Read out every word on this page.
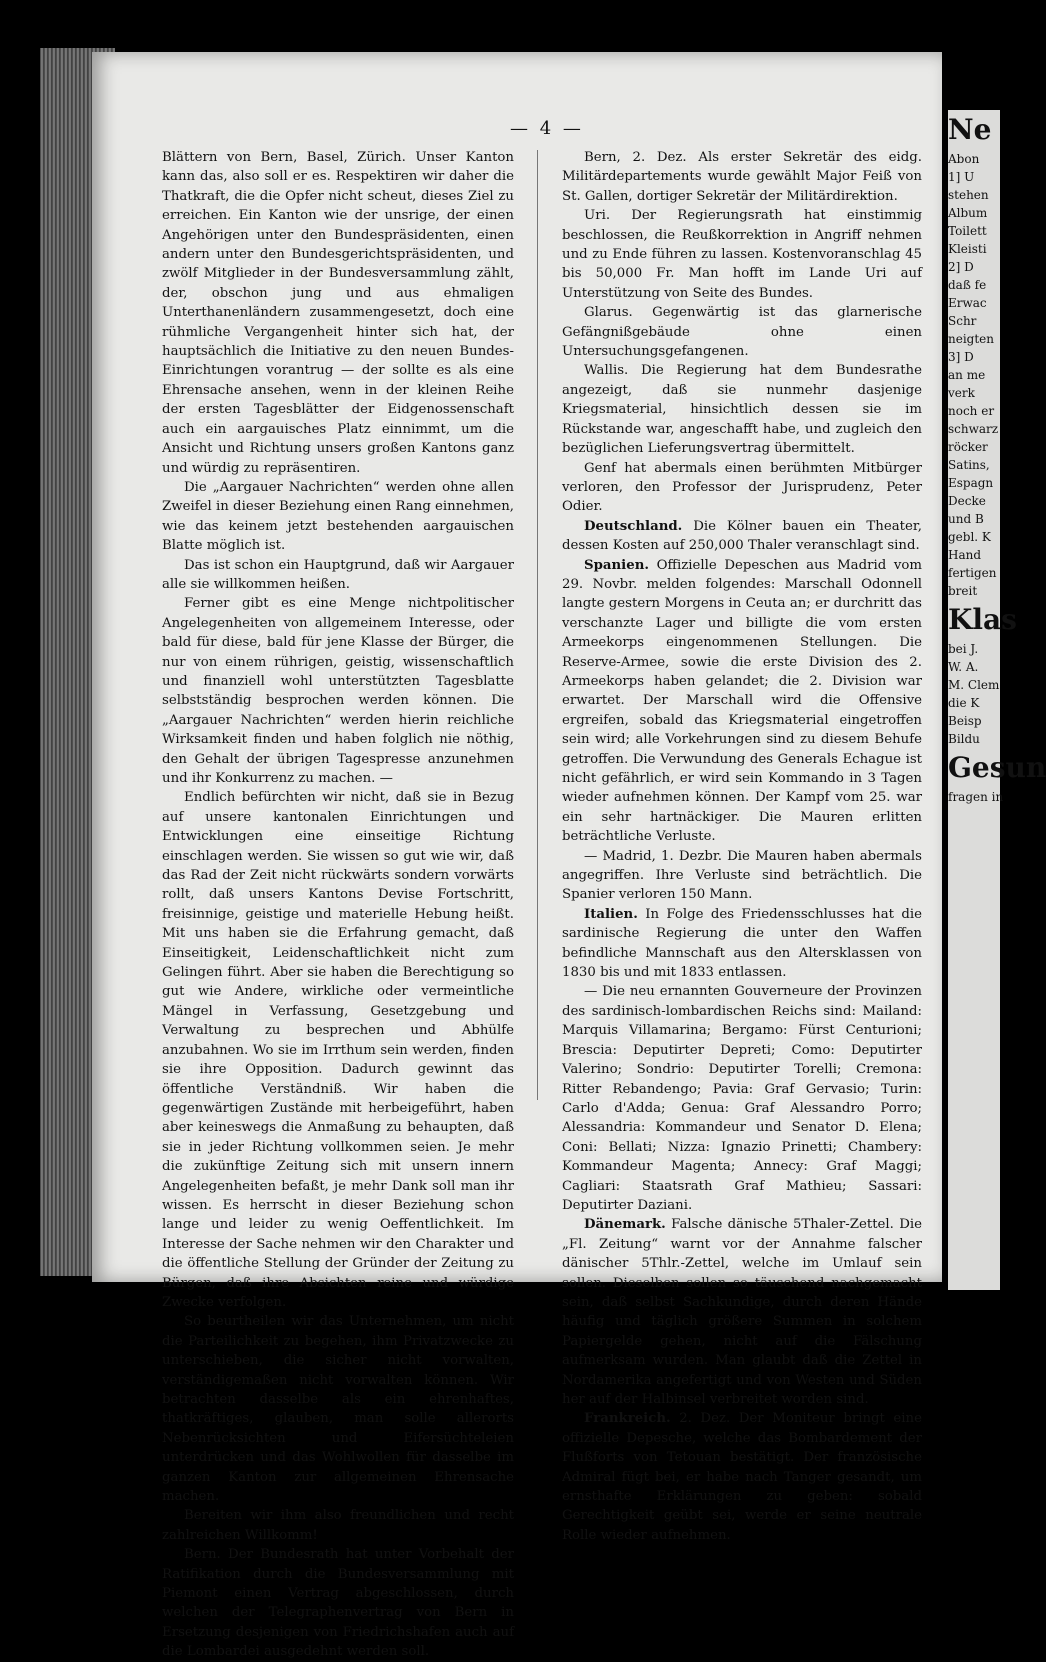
— 4 —

Blättern von Bern, Basel, Zürich. Unser Kanton kann das, also soll er es. Respektiren wir daher die Thatkraft, die die Opfer nicht scheut, dieses Ziel zu erreichen. Ein Kanton wie der unsrige, der einen Angehörigen unter den Bundespräsidenten, einen andern unter den Bundesgerichtspräsidenten, und zwölf Mitglieder in der Bundesversammlung zählt, der, obschon jung und aus ehmaligen Unterthanenländern zusammengesetzt, doch eine rühmliche Vergangenheit hinter sich hat, der hauptsächlich die Initiative zu den neuen Bundes-Einrichtungen vorantrug — der sollte es als eine Ehrensache ansehen, wenn in der kleinen Reihe der ersten Tagesblätter der Eidgenossenschaft auch ein aargauisches Platz einnimmt, um die Ansicht und Richtung unsers großen Kantons ganz und würdig zu repräsentiren.

Die „Aargauer Nachrichten“ werden ohne allen Zweifel in dieser Beziehung einen Rang einnehmen, wie das keinem jetzt bestehenden aargauischen Blatte möglich ist.

Das ist schon ein Hauptgrund, daß wir Aargauer alle sie willkommen heißen.

Ferner gibt es eine Menge nichtpolitischer Angelegenheiten von allgemeinem Interesse, oder bald für diese, bald für jene Klasse der Bürger, die nur von einem rührigen, geistig, wissenschaftlich und finanziell wohl unterstützten Tagesblatte selbstständig besprochen werden können. Die „Aargauer Nachrichten“ werden hierin reichliche Wirksamkeit finden und haben folglich nie nöthig, den Gehalt der übrigen Tagespresse anzunehmen und ihr Konkurrenz zu machen. —

Endlich befürchten wir nicht, daß sie in Bezug auf unsere kantonalen Einrichtungen und Entwicklungen eine einseitige Richtung einschlagen werden. Sie wissen so gut wie wir, daß das Rad der Zeit nicht rückwärts sondern vorwärts rollt, daß unsers Kantons Devise Fortschritt, freisinnige, geistige und materielle Hebung heißt. Mit uns haben sie die Erfahrung gemacht, daß Einseitigkeit, Leidenschaftlichkeit nicht zum Gelingen führt. Aber sie haben die Berechtigung so gut wie Andere, wirkliche oder vermeintliche Mängel in Verfassung, Gesetzgebung und Verwaltung zu besprechen und Abhülfe anzubahnen. Wo sie im Irrthum sein werden, finden sie ihre Opposition. Dadurch gewinnt das öffentliche Verständniß. Wir haben die gegenwärtigen Zustände mit herbeigeführt, haben aber keineswegs die Anmaßung zu behaupten, daß sie in jeder Richtung vollkommen seien. Je mehr die zukünftige Zeitung sich mit unsern innern Angelegenheiten befaßt, je mehr Dank soll man ihr wissen. Es herrscht in dieser Beziehung schon lange und leider zu wenig Oeffentlichkeit. Im Interesse der Sache nehmen wir den Charakter und die öffentliche Stellung der Gründer der Zeitung zu Bürgen, daß ihre Absichten reine und würdige Zwecke verfolgen.

So beurtheilen wir das Unternehmen, um nicht die Parteilichkeit zu begehen, ihm Privatzwecke zu unterschieben, die sicher nicht vorwalten, verständigemaßen nicht vorwalten können. Wir betrachten dasselbe als ein ehrenhaftes, thatkräftiges, glauben, man solle allerorts Nebenrücksichten und Eifersüchteleien unterdrücken und das Wohlwollen für dasselbe im ganzen Kanton zur allgemeinen Ehrensache machen.

Bereiten wir ihm also freundlichen und recht zahlreichen Willkomm!

Bern. Der Bundesrath hat unter Vorbehalt der Ratifikation durch die Bundesversammlung mit Piemont einen Vertrag abgeschlossen, durch welchen der Telegraphenvertrag von Bern in Ersetzung desjenigen von Friedrichshafen auch auf die Lombardei ausgedehnt werden soll.

Bern, 2. Dez. Als erster Sekretär des eidg. Militärdepartements wurde gewählt Major Feiß von St. Gallen, dortiger Sekretär der Militärdirektion.

Uri. Der Regierungsrath hat einstimmig beschlossen, die Reußkorrektion in Angriff nehmen und zu Ende führen zu lassen. Kostenvoranschlag 45 bis 50,000 Fr. Man hofft im Lande Uri auf Unterstützung von Seite des Bundes.

Glarus. Gegenwärtig ist das glarnerische Gefängnißgebäude ohne einen Untersuchungsgefangenen.

Wallis. Die Regierung hat dem Bundesrathe angezeigt, daß sie nunmehr dasjenige Kriegsmaterial, hinsichtlich dessen sie im Rückstande war, angeschafft habe, und zugleich den bezüglichen Lieferungsvertrag übermittelt.

Genf hat abermals einen berühmten Mitbürger verloren, den Professor der Jurisprudenz, Peter Odier.

Deutschland. Die Kölner bauen ein Theater, dessen Kosten auf 250,000 Thaler veranschlagt sind.

Spanien. Offizielle Depeschen aus Madrid vom 29. Novbr. melden folgendes: Marschall Odonnell langte gestern Morgens in Ceuta an; er durchritt das verschanzte Lager und billigte die vom ersten Armeekorps eingenommenen Stellungen. Die Reserve-Armee, sowie die erste Division des 2. Armeekorps haben gelandet; die 2. Division war erwartet. Der Marschall wird die Offensive ergreifen, sobald das Kriegsmaterial eingetroffen sein wird; alle Vorkehrungen sind zu diesem Behufe getroffen. Die Verwundung des Generals Echague ist nicht gefährlich, er wird sein Kommando in 3 Tagen wieder aufnehmen können. Der Kampf vom 25. war ein sehr hartnäckiger. Die Mauren erlitten beträchtliche Verluste.

— Madrid, 1. Dezbr. Die Mauren haben abermals angegriffen. Ihre Verluste sind beträchtlich. Die Spanier verloren 150 Mann.

Italien. In Folge des Friedensschlusses hat die sardinische Regierung die unter den Waffen befindliche Mannschaft aus den Altersklassen von 1830 bis und mit 1833 entlassen.

— Die neu ernannten Gouverneure der Provinzen des sardinisch-lombardischen Reichs sind: Mailand: Marquis Villamarina; Bergamo: Fürst Centurioni; Brescia: Deputirter Depreti; Como: Deputirter Valerino; Sondrio: Deputirter Torelli; Cremona: Ritter Rebandengo; Pavia: Graf Gervasio; Turin: Carlo d'Adda; Genua: Graf Alessandro Porro; Alessandria: Kommandeur und Senator D. Elena; Coni: Bellati; Nizza: Ignazio Prinetti; Chambery: Kommandeur Magenta; Annecy: Graf Maggi; Cagliari: Staatsrath Graf Mathieu; Sassari: Deputirter Daziani.

Dänemark. Falsche dänische 5Thaler-Zettel. Die „Fl. Zeitung“ warnt vor der Annahme falscher dänischer 5Thlr.-Zettel, welche im Umlauf sein sollen. Dieselben sollen so täuschend nachgemacht sein, daß selbst Sachkundige, durch deren Hände häufig und täglich größere Summen in solchem Papiergelde gehen, nicht auf die Fälschung aufmerksam wurden. Man glaubt daß die Zettel in Nordamerika angefertigt und von Westen und Süden her auf der Halbinsel verbreitet worden sind.

Frankreich. 2. Dez. Der Moniteur bringt eine offizielle Depesche, welche das Bombardement der Flußforts von Tetouan bestätigt. Der französische Admiral fügt bei, er habe nach Tanger gesandt, um ernsthafte Erklärungen zu geben: sobald Gerechtigkeit geübt sei, werde er seine neutrale Rolle wieder aufnehmen.

Ne
Abon
1] U
stehen
Album
Toilett
Kleisti
2] D
daß fe
Erwac
Schr
neigten
3] D
an me
verk
noch er
schwarz
röcker
Satins,
Espagn
Decke
und B
gebl. K
Hand
fertigen
breit
Klas
bei J.
W. A.
M. Clem
die K
Beisp
Bildu
Gesun
fragen in
